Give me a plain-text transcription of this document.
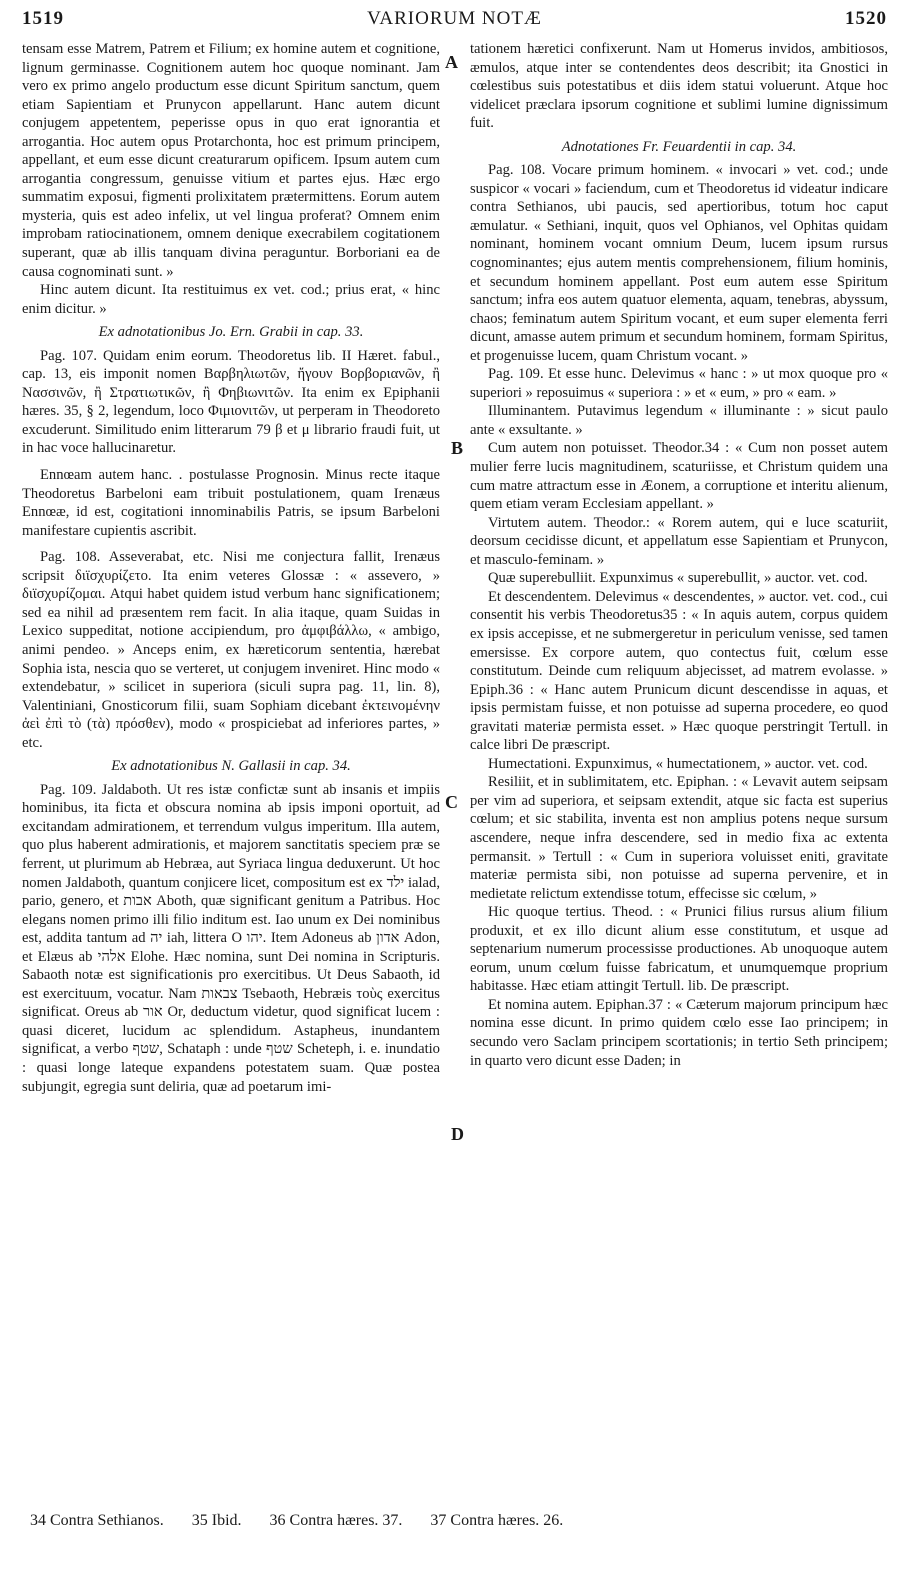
1519	VARIORUM NOTÆ	1520
A
B
C
D

tensam esse Matrem, Patrem et Filium; ex homine autem et cognitione, lignum germinasse. Cognitionem autem hoc quoque nominant. Jam vero ex primo angelo productum esse dicunt Spiritum sanctum, quem etiam Sapientiam et Prunycon appellarunt. Hanc autem dicunt conjugem appetentem, peperisse opus in quo erat ignorantia et arrogantia. Hoc autem opus Protarchonta, hoc est primum principem, appellant, et eum esse dicunt creaturarum opificem. Ipsum autem cum arrogantia congressum, genuisse vitium et partes ejus. Hæc ergo summatim exposui, figmenti prolixitatem prætermittens. Eorum autem mysteria, quis est adeo infelix, ut vel lingua proferat? Omnem enim improbam ratiocinationem, omnem denique execrabilem cogitationem superant, quæ ab illis tanquam divina peraguntur. Borboriani ea de causa cognominati sunt. »

Hinc autem dicunt. Ita restituimus ex vet. cod.; prius erat, « hinc enim dicitur. »

Ex adnotationibus Jo. Ern. Grabii in cap. 33.

Pag. 107. Quidam enim eorum. Theodoretus lib. II Hæret. fabul., cap. 13, eis imponit nomen Βαρβηλιωτῶν, ἤγουν Βορβοριανῶν, ἢ Νασσινῶν, ἢ Στρατιωτικῶν, ἢ Φηβιωνιτῶν. Ita enim ex Epiphanii hæres. 35, § 2, legendum, loco Φιμιονιτῶν, ut perperam in Theodoreto excuderunt. Similitudo enim litterarum 79 β et μ librario fraudi fuit, ut in hac voce hallucinaretur.

Ennœam autem hanc. . postulasse Prognosin. Minus recte itaque Theodoretus Barbeloni eam tribuit postulationem, quam Irenæus Ennœæ, id est, cogitationi innominabilis Patris, se ipsum Barbeloni manifestare cupientis ascribit.

Pag. 108. Asseverabat, etc. Nisi me conjectura fallit, Irenæus scripsit διϊσχυρίζετο. Ita enim veteres Glossæ : « assevero, » διϊσχυρίζομαι. Atqui habet quidem istud verbum hanc significationem; sed ea nihil ad præsentem rem facit. In alia itaque, quam Suidas in Lexico suppeditat, notione accipiendum, pro ἀμφιβάλλω, « ambigo, animi pendeo. » Anceps enim, ex hæreticorum sententia, hærebat Sophia ista, nescia quo se verteret, ut conjugem inveniret. Hinc modo « extendebatur, » scilicet in superiora (siculi supra pag. 11, lin. 8), Valentiniani, Gnosticorum filii, suam Sophiam dicebant ἐκτεινομένην ἀεὶ ἐπὶ τὸ (τὰ) πρόσθεν), modo « prospiciebat ad inferiores partes, » etc.

Ex adnotationibus N. Gallasii in cap. 34.

Pag. 109. Jaldaboth. Ut res istæ confictæ sunt ab insanis et impiis hominibus, ita ficta et obscura nomina ab ipsis imponi oportuit, ad excitandam admirationem, et terrendum vulgus imperitum. Illa autem, quo plus haberent admirationis, et majorem sanctitatis speciem præ se ferrent, ut plurimum ab Hebræa, aut Syriaca lingua deduxerunt. Ut hoc nomen Jaldaboth, quantum conjicere licet, compositum est ex ילד ialad, pario, genero, et אבות Aboth, quæ significant genitum a Patribus. Hoc elegans nomen primo illi filio inditum est. Iao unum ex Dei nominibus est, addita tantum ad יה iah, littera O יהו. Item Adoneus ab אדון Adon, et Elæus ab אלהי Elohe. Hæc nomina, sunt Dei nomina in Scripturis. Sabaoth notæ est significationis pro exercitibus. Ut Deus Sabaoth, id est exercituum, vocatur. Nam צבאות Tsebaoth, Hebræis τοὺς exercitus significat. Oreus ab אור Or, deductum videtur, quod significat lucem : quasi diceret, lucidum ac splendidum. Astapheus, inundantem significat, a verbo שטף, Schataph : unde שטף Scheteph, i. e. inundatio : quasi longe lateque expandens potestatem suam. Quæ postea subjungit, egregia sunt deliria, quæ ad poetarum imi-

tationem hæretici confixerunt. Nam ut Homerus invidos, ambitiosos, æmulos, atque inter se contendentes deos describit; ita Gnostici in cœlestibus suis potestatibus et diis idem statui voluerunt. Atque hoc videlicet præclara ipsorum cognitione et sublimi lumine dignissimum fuit.

Adnotationes Fr. Feuardentii in cap. 34.

Pag. 108. Vocare primum hominem. « invocari » vet. cod.; unde suspicor « vocari » faciendum, cum et Theodoretus id videatur indicare contra Sethianos, ubi paucis, sed apertioribus, totum hoc caput æmulatur. « Sethiani, inquit, quos vel Ophianos, vel Ophitas quidam nominant, hominem vocant omnium Deum, lucem ipsum rursus cognominantes; ejus autem mentis comprehensionem, filium hominis, et secundum hominem appellant. Post eum autem esse Spiritum sanctum; infra eos autem quatuor elementa, aquam, tenebras, abyssum, chaos; feminatum autem Spiritum vocant, et eum super elementa ferri dicunt, amasse autem primum et secundum hominem, formam Spiritus, et progenuisse lucem, quam Christum vocant. »

Pag. 109. Et esse hunc. Delevimus « hanc : » ut mox quoque pro « superiori » reposuimus « superiora : » et « eum, » pro « eam. »

Illuminantem. Putavimus legendum « illuminante : » sicut paulo ante « exsultante. »

Cum autem non potuisset. Theodor.34 : « Cum non posset autem mulier ferre lucis magnitudinem, scaturiisse, et Christum quidem una cum matre attractum esse in Æonem, a corruptione et interitu alienum, quem etiam veram Ecclesiam appellant. »

Virtutem autem. Theodor.: « Rorem autem, qui e luce scaturiit, deorsum cecidisse dicunt, et appellatum esse Sapientiam et Prunycon, et masculo-feminam. »

Quæ superebulliit. Expunximus « superebullit, » auctor. vet. cod.

Et descendentem. Delevimus « descendentes, » auctor. vet. cod., cui consentit his verbis Theodoretus35 : « In aquis autem, corpus quidem ex ipsis accepisse, et ne submergeretur in periculum venisse, sed tamen emersisse. Ex corpore autem, quo contectus fuit, cœlum esse constitutum. Deinde cum reliquum abjecisset, ad matrem evolasse. » Epiph.36 : « Hanc autem Prunicum dicunt descendisse in aquas, et ipsis permistam fuisse, et non potuisse ad superna procedere, eo quod gravitati materiæ permista esset. » Hæc quoque perstringit Tertull. in calce libri De præscript.

Humectationi. Expunximus, « humectationem, » auctor. vet. cod.

Resiliit, et in sublimitatem, etc. Epiphan. : « Levavit autem seipsam per vim ad superiora, et seipsam extendit, atque sic facta est superius cœlum; et sic stabilita, inventa est non amplius potens neque sursum ascendere, neque infra descendere, sed in medio fixa ac extenta permansit. » Tertull : « Cum in superiora voluisset eniti, gravitate materiæ permista sibi, non potuisse ad superna pervenire, et in medietate relictum extendisse totum, effecisse sic cœlum, »

Hic quoque tertius. Theod. : « Prunici filius rursus alium filium produxit, et ex illo dicunt alium esse constitutum, et usque ad septenarium numerum processisse productiones. Ab unoquoque autem eorum, unum cœlum fuisse fabricatum, et unumquemque proprium habitasse. Hæc etiam attingit Tertull. lib. De præscript.

Et nomina autem. Epiphan.37 : « Cæterum majorum principum hæc nomina esse dicunt. In primo quidem cœlo esse Iao principem; in secundo vero Saclam principem scortationis; in tertio Seth principem; in quarto vero dicunt esse Daden; in

34 Contra Sethianos. 35 Ibid. 36 Contra hæres. 37. 37 Contra hæres. 26.
